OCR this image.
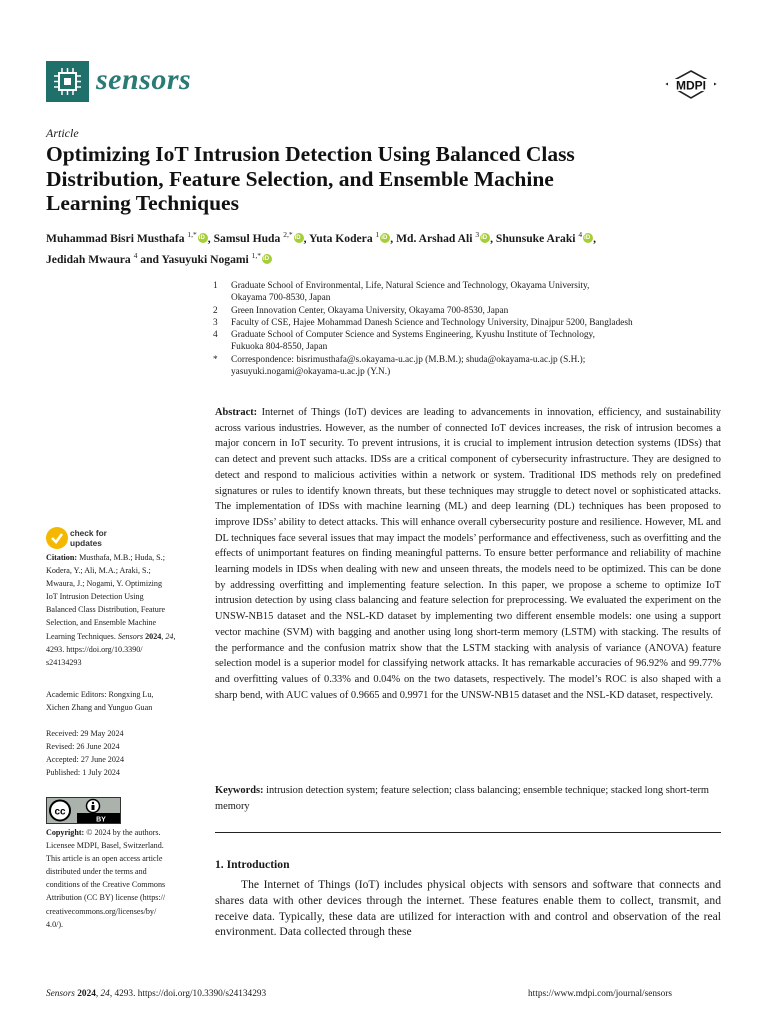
sensors	MDPI
Article
Optimizing IoT Intrusion Detection Using Balanced Class
Distribution, Feature Selection, and Ensemble Machine
Learning Techniques
Muhammad Bisri Musthafa $^{1,*}$ iD , Samsul Huda $^{2,*}$ iD , Yuta Kodera $^1$ iD , Md. Arshad Ali $^3$ iD , Shunsuke Araki $^4$ iD ,
Jedidah Mwaura $^4$ and Yasuyuki Nogami $^{1,*}$iD
1	Graduate School of Environmental, Life, Natural Science and Technology, Okayama University,
Okayama 700-8530, Japan
2	Green Innovation Center, Okayama University, Okayama 700-8530, Japan
3	Faculty of CSE, Hajee Mohammad Danesh Science and Technology University, Dinajpur 5200, Bangladesh
4	Graduate School of Computer Science and Systems Engineering, Kyushu Institute of Technology,
Fukuoka 804-8550, Japan
*	Correspondence: bisrimusthafa@s.okayama-u.ac.jp (M.B.M.); shuda@okayama-u.ac.jp (S.H.);
yasuyuki.nogami@okayama-u.ac.jp (Y.N.)
check for
updates
Citation: Musthafa, M.B.; Huda, S.;
Kodera, Y.; Ali, M.A.; Araki, S.;
Mwaura, J.; Nogami, Y. Optimizing
IoT Intrusion Detection Using
Balanced Class Distribution, Feature
Selection, and Ensemble Machine
Learning Techniques. Sensors 2024, 24,
4293. https://doi.org/10.3390/
s24134293
Academic Editors: Rongxing Lu,
Xichen Zhang and Yunguo Guan
Received: 29 May 2024
Revised: 26 June 2024
Accepted: 27 June 2024
Published: 1 July 2024
cc
BY
Copyright: © 2024 by the authors.
Licensee MDPI, Basel, Switzerland.
This article is an open access article
distributed under the terms and
conditions of the Creative Commons
Attribution (CC BY) license (https://
creativecommons.org/licenses/by/
4.0/).
Abstract: Internet of Things (IoT) devices are leading to advancements in innovation, efficiency, and sustainability across various industries. However, as the number of connected IoT devices increases, the risk of intrusion becomes a major concern in IoT security. To prevent intrusions, it is crucial to implement intrusion detection systems (IDSs) that can detect and prevent such attacks. IDSs are a critical component of cybersecurity infrastructure. They are designed to detect and respond to malicious activities within a network or system. Traditional IDS methods rely on predefined signatures or rules to identify known threats, but these techniques may struggle to detect novel or sophisticated attacks. The implementation of IDSs with machine learning (ML) and deep learning (DL) techniques has been proposed to improve IDSs’ ability to detect attacks. This will enhance overall cybersecurity posture and resilience. However, ML and DL techniques face several issues that may impact the models’ performance and effectiveness, such as overfitting and the effects of unimportant features on finding meaningful patterns. To ensure better performance and reliability of machine learning models in IDSs when dealing with new and unseen threats, the models need to be optimized. This can be done by addressing overfitting and implementing feature selection. In this paper, we propose a scheme to optimize IoT intrusion detection by using class balancing and feature selection for preprocessing. We evaluated the experiment on the UNSW-NB15 dataset and the NSL-KD dataset by implementing two different ensemble models: one using a support vector machine (SVM) with bagging and another using long short-term memory (LSTM) with stacking. The results of the performance and the confusion matrix show that the LSTM stacking with analysis of variance (ANOVA) feature selection model is a superior model for classifying network attacks. It has remarkable accuracies of 96.92% and 99.77% and overfitting values of 0.33% and 0.04% on the two datasets, respectively. The model’s ROC is also shaped with a sharp bend, with AUC values of 0.9665 and 0.9971 for the UNSW-NB15 dataset and the NSL-KD dataset, respectively.
Keywords: intrusion detection system; feature selection; class balancing; ensemble technique; stacked long short-term memory
1. Introduction
The Internet of Things (IoT) includes physical objects with sensors and software that connects and shares data with other devices through the internet. These features enable them to collect, transmit, and receive data. Typically, these data are utilized for interaction with and control and observation of the real environment. Data collected through these
Sensors 2024, 24, 4293. https://doi.org/10.3390/s24134293	https://www.mdpi.com/journal/sensors
